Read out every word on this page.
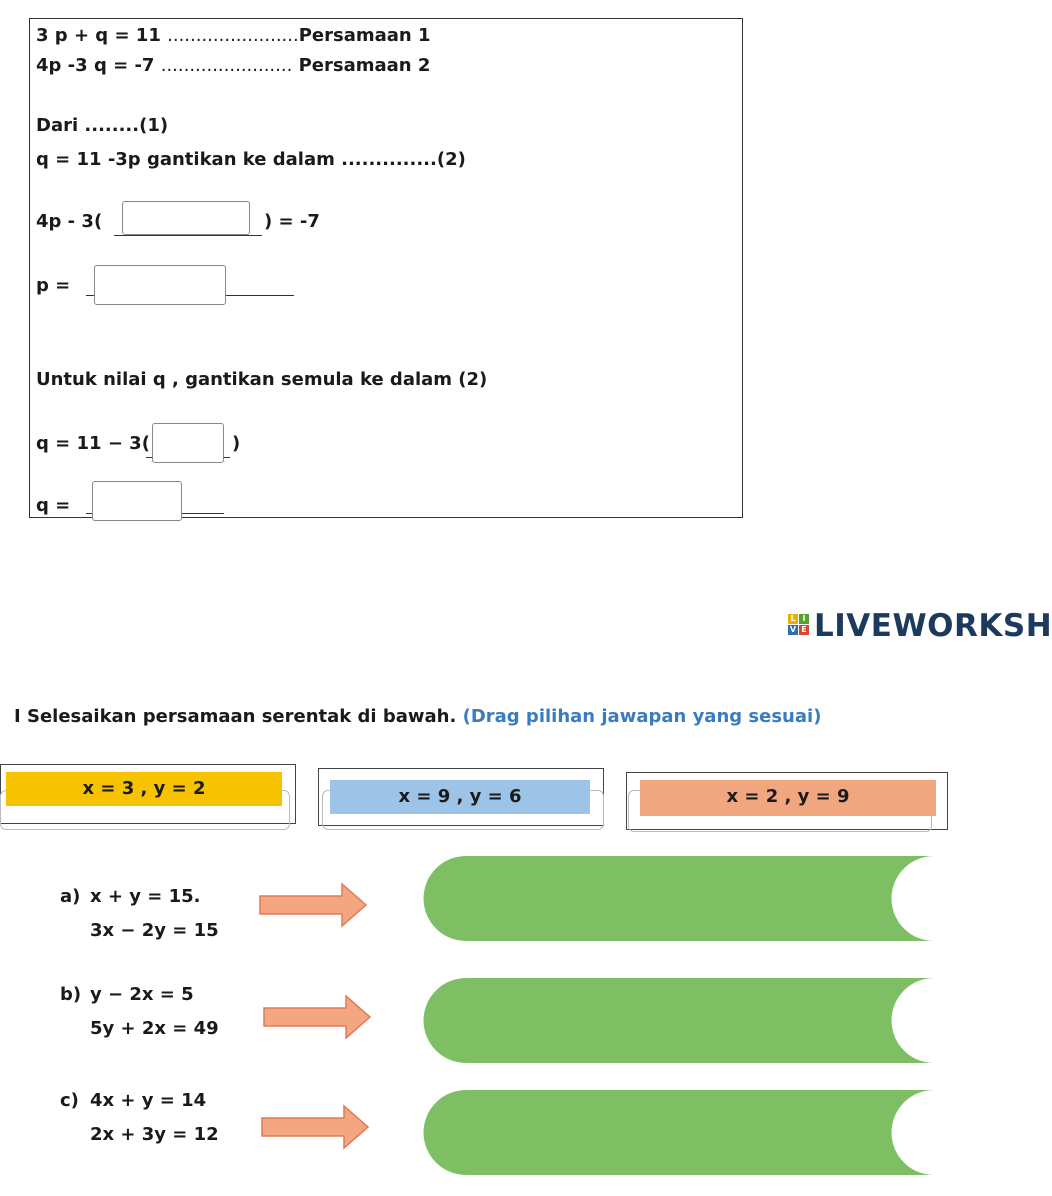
3 p + q = 11 .......................Persamaan 1
4p -3 q = -7 ....................... Persamaan 2
Dari ........(1)
q = 11 -3p gantikan ke dalam ..............(2)
4p - 3(	) = -7
p =
Untuk nilai q , gantikan semula ke dalam (2)
q = 11 − 3(	)
q =
L I
V E LIVEWORKSH
I Selesaikan persamaan serentak di bawah. (Drag pilihan jawapan yang sesuai)
x = 3 , y = 2	x = 9 , y = 6	x = 2 , y = 9
a) x + y = 15.
3x − 2y = 15
b) y − 2x = 5
5y + 2x = 49
c) 4x + y = 14
2x + 3y = 12
